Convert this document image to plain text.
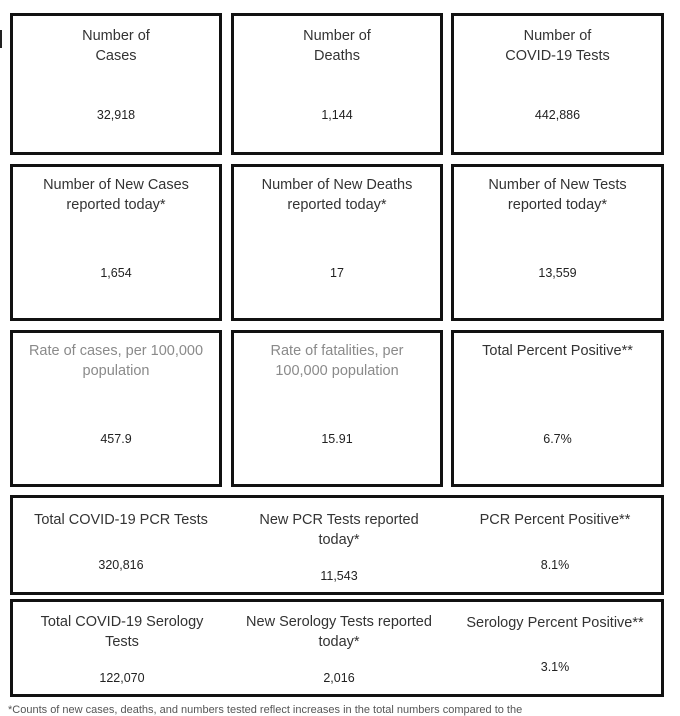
Number of
Cases
32,918
Number of
Deaths
1,144
Number of
COVID-19 Tests
442,886
Number of New Cases reported today*
1,654
Number of New Deaths reported today*
17
Number of New Tests reported today*
13,559
Rate of cases, per 100,000 population
457.9
Rate of fatalities, per 100,000 population
15.91
Total Percent Positive**
6.7%
Total COVID-19 PCR Tests
320,816
New PCR Tests reported today*
11,543
PCR Percent Positive**
8.1%
Total COVID-19 Serology Tests
122,070
New Serology Tests reported today*
2,016
Serology Percent Positive**
3.1%
*Counts of new cases, deaths, and numbers tested reflect increases in the total numbers compared to the
